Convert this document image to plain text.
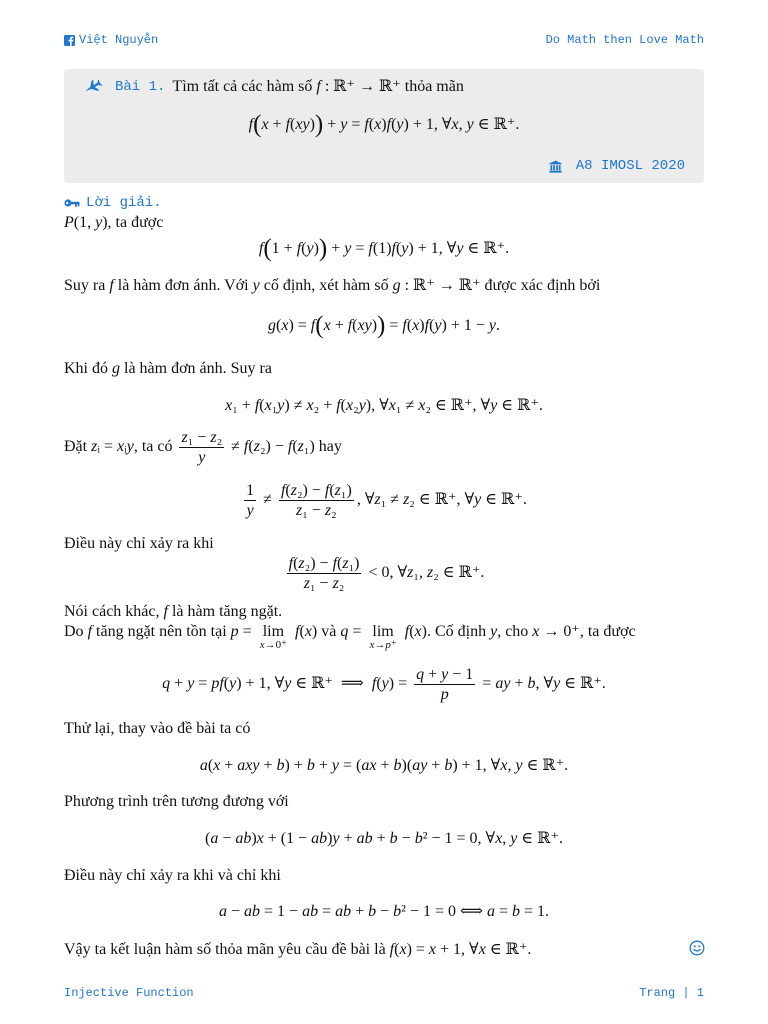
Việt Nguyễn	Do Math then Love Math
Bài 1. Tìm tất cả các hàm số f : ℝ⁺ → ℝ⁺ thỏa mãn
f ( x + f(xy) ) + y = f(x)f(y) + 1, ∀x, y ∈ ℝ⁺.
A8 IMOSL 2020
Lời giải.
P(1, y) , ta được
f ( 1 + f(y) ) + y = f(1)f(y) + 1, ∀y ∈ ℝ⁺.
Suy ra f là hàm đơn ánh. Với y cố định, xét hàm số g : ℝ⁺ → ℝ⁺ được xác định bởi
g(x) = f ( x + f(xy) ) = f(x)f(y) + 1 − y.
Khi đó g là hàm đơn ánh. Suy ra
x₁ + f(x₁y) ≠ x₂ + f(x₂y), ∀x₁ ≠ x₂ ∈ ℝ⁺, ∀y ∈ ℝ⁺.
Đặt zᵢ = xᵢy , ta có $\frac{\text{z₁ − z₂}}{y} \ne f(z_2) - f(z_1)$ hay
$\frac{1}{y} \ne \frac{\text{f(z₂) − f(z₁)}}{\text{z₁ − z₂}}$ , ∀z₁ ≠ z₂ ∈ ℝ⁺, ∀y ∈ ℝ⁺.
Điều này chỉ xảy ra khi
$\frac{\text{f(z₂) − f(z₁)}}{\text{z₁ − z₂}} < 0$, ∀z₁, z₂ ∈ ℝ⁺.
Nói cách khác, f là hàm tăng ngặt.
Do f tăng ngặt nên tồn tại p = lim
x→0⁺
f(x) và q = lim
x→p⁺
f(x) . Cố định y , cho x → 0⁺ , ta được
q + y = pf(y) + 1, ∀y ∈ ℝ⁺  ⟹  $f(y) = \frac{q + y - 1}{p}$ = ay + b, ∀y ∈ ℝ⁺.
Thử lại, thay vào đề bài ta có
a(x + axy + b) + b + y = (ax + b)(ay + b) + 1, ∀x, y ∈ ℝ⁺.
Phương trình trên tương đương với
(a − ab)x + (1 − ab)y + ab + b − b² − 1 = 0, ∀x, y ∈ ℝ⁺.
Điều này chỉ xảy ra khi và chỉ khi
a − ab = 1 − ab = ab + b − b² − 1 = 0 ⟺ a = b = 1.
Vậy ta kết luận hàm số thỏa mãn yêu cầu đề bài là f(x) = x + 1, ∀x ∈ ℝ⁺.
Injective Function	Trang | 1
